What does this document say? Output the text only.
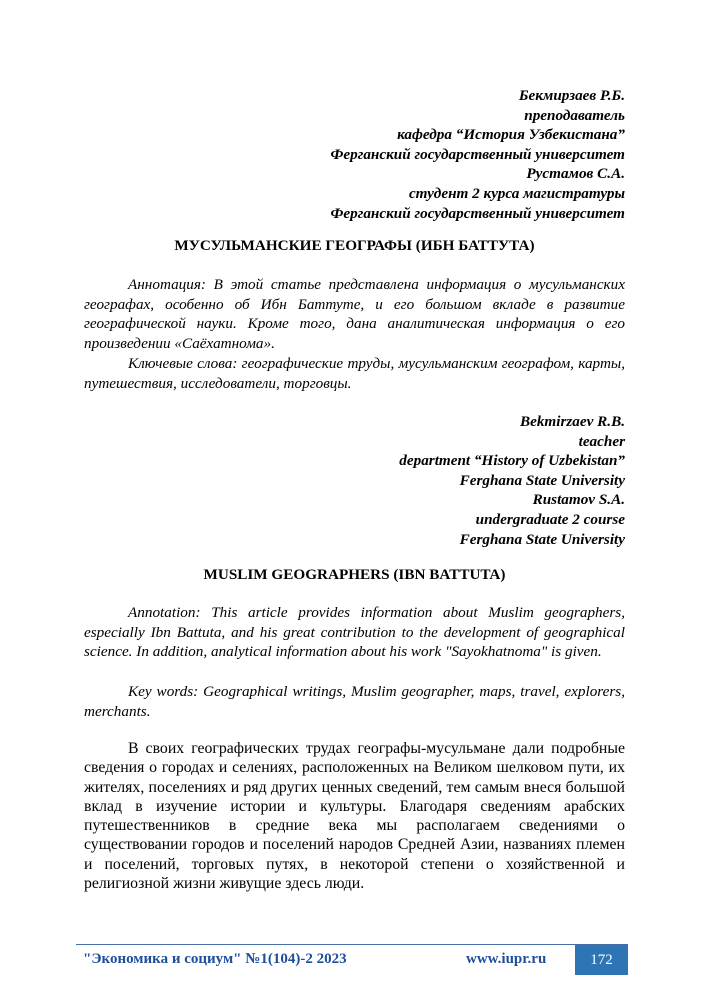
Бекмирзаев Р.Б.
преподаватель
кафедра “История Узбекистана”
Ферганский государственный университет
Рустамов С.А.
студент 2 курса магистратуры
Ферганский государственный университет
МУСУЛЬМАНСКИЕ ГЕОГРАФЫ (ИБН БАТТУТА)

Аннотация: В этой статье представлена информация о мусульманских географах, особенно об Ибн Баттуте, и его большом вкладе в развитие географической науки. Кроме того, дана аналитическая информация о его произведении «Саёхатнома».

Ключевые слова: географические труды, мусульманским географом, карты, путешествия, исследователи, торговцы.

Bekmirzaev R.B.
teacher
department “History of Uzbekistan”
Ferghana State University
Rustamov S.A.
undergraduate 2 course
Ferghana State University
MUSLIM GEOGRAPHERS (IBN BATTUTA)

Annotation: This article provides information about Muslim geographers, especially Ibn Battuta, and his great contribution to the development of geographical science. In addition, analytical information about his work "Sayokhatnoma" is given.

Key words: Geographical writings, Muslim geographer, maps, travel, explorers, merchants.

В своих географических трудах географы-мусульмане дали подробные сведения о городах и селениях, расположенных на Великом шелковом пути, их жителях, поселениях и ряд других ценных сведений, тем самым внеся большой вклад в изучение истории и культуры. Благодаря сведениям арабских путешественников в средние века мы располагаем сведениями о существовании городов и поселений народов Средней Азии, названиях племен и поселений, торговых путях, в некоторой степени о хозяйственной и религиозной жизни живущие здесь люди.

"Экономика и социум" №1(104)-2 2023	www.iupr.ru	172
